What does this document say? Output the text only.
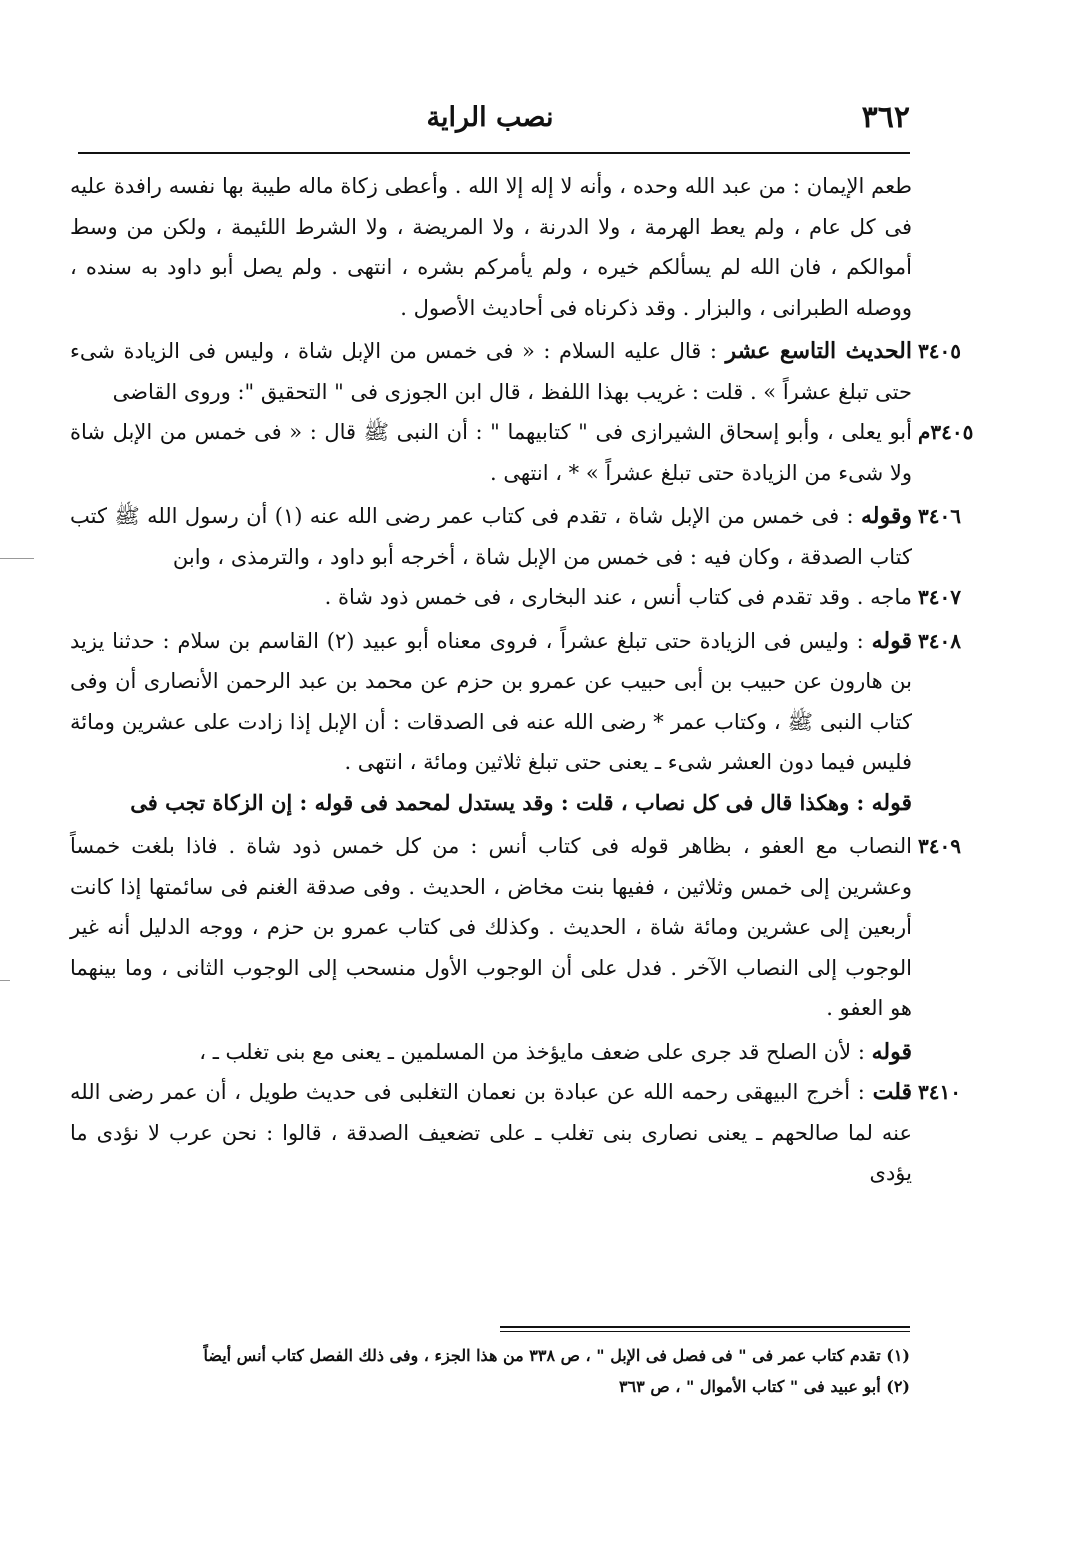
٣٦٢
نصب الراية

طعم الإيمان : من عبد الله وحده ، وأنه لا إله إلا الله . وأعطى زكاة ماله طيبة بها نفسه رافدة عليه فى كل عام ، ولم يعط الهرمة ، ولا الدرنة ، ولا المريضة ، ولا الشرط اللئيمة ، ولكن من وسط أموالكم ، فان الله لم يسألكم خيره ، ولم يأمركم بشره ، انتهى . ولم يصل أبو داود به سنده ، ووصله الطبرانى ، والبزار . وقد ذكرناه فى أحاديث الأصول .

٣٤٠٥
الحديث التاسع عشر : قال عليه السلام : « فى خمس من الإبل شاة ، وليس فى الزيادة شىء حتى تبلغ عشراً » . قلت : غريب بهذا اللفظ ، قال ابن الجوزى فى " التحقيق ": وروى القاضى

٣٤٠٥م
أبو يعلى ، وأبو إسحاق الشيرازى فى " كتابيهما " : أن النبى ﷺ قال : « فى خمس من الإبل شاة ولا شىء من الزيادة حتى تبلغ عشراً » * ، انتهى .

٣٤٠٦
وقوله : فى خمس من الإبل شاة ، تقدم فى كتاب عمر رضى الله عنه (١) أن رسول الله ﷺ كتب كتاب الصدقة ، وكان فيه : فى خمس من الإبل شاة ، أخرجه أبو داود ، والترمذى ، وابن

٣٤٠٧
ماجه . وقد تقدم فى كتاب أنس ، عند البخارى ، فى خمس ذود شاة .

٣٤٠٨
قوله : وليس فى الزيادة حتى تبلغ عشراً ، فروى معناه أبو عبيد (٢) القاسم بن سلام : حدثنا يزيد بن هارون عن حبيب بن أبى حبيب عن عمرو بن حزم عن محمد بن عبد الرحمن الأنصارى أن وفى كتاب النبى ﷺ ، وكتاب عمر * رضى الله عنه فى الصدقات : أن الإبل إذا زادت على عشرين ومائة فليس فيما دون العشر شىء ـ يعنى حتى تبلغ ثلاثين ومائة ، انتهى .

قوله : وهكذا قال فى كل نصاب ، قلت : وقد يستدل لمحمد فى قوله : إن الزكاة تجب فى

٣٤٠٩
النصاب مع العفو ، بظاهر قوله فى كتاب أنس : من كل خمس ذود شاة . فاذا بلغت خمساً وعشرين إلى خمس وثلاثين ، ففيها بنت مخاض ، الحديث . وفى صدقة الغنم فى سائمتها إذا كانت أربعين إلى عشرين ومائة شاة ، الحديث . وكذلك فى كتاب عمرو بن حزم ، ووجه الدليل أنه غير الوجوب إلى النصاب الآخر . فدل على أن الوجوب الأول منسحب إلى الوجوب الثانى ، وما بينهما هو العفو .

قوله : لأن الصلح قد جرى على ضعف مايؤخذ من المسلمين ـ يعنى مع بنى تغلب ـ ،

٣٤١٠
قلت : أخرج البيهقى رحمه الله عن عبادة بن نعمان التغلبى فى حديث طويل ، أن عمر رضى الله عنه لما صالحهم ـ يعنى نصارى بنى تغلب ـ على تضعيف الصدقة ، قالوا : نحن عرب لا نؤدى ما يؤدى

(١) تقدم كتاب عمر فى " فى فصل فى الإبل " ، ص ٣٣٨ من هذا الجزء ، وفى ذلك الفصل كتاب أنس أيضاً

(٢) أبو عبيد فى " كتاب الأموال " ، ص ٣٦٣
